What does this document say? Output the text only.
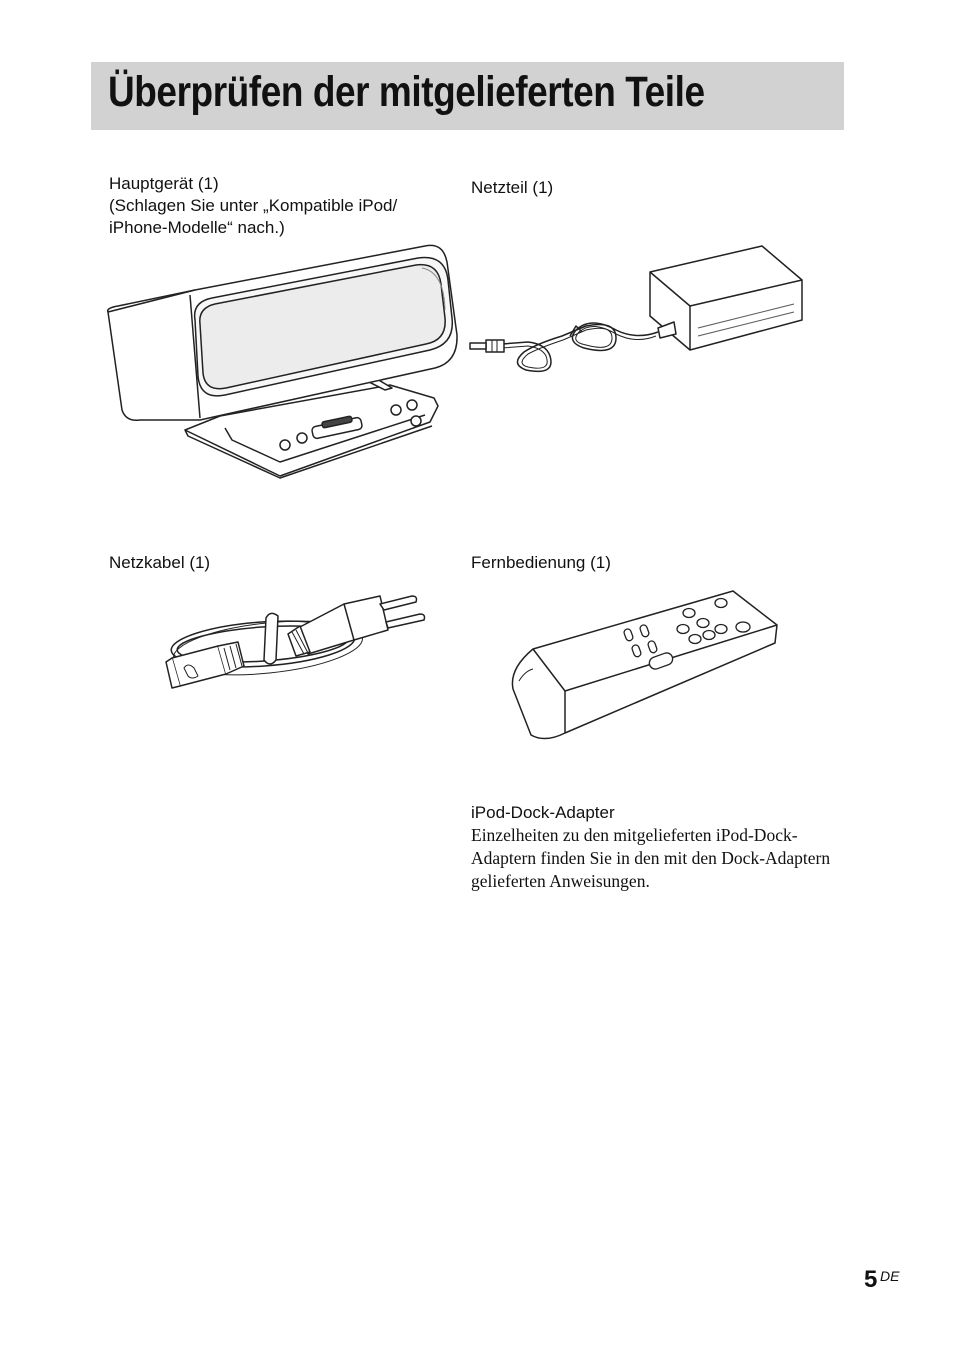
Überprüfen der mitgelieferten Teile
Hauptgerät (1)
(Schlagen Sie unter „Kompatible iPod/
iPhone-Modelle“ nach.)
Netzteil (1)
Netzkabel (1)	Fernbedienung (1)
iPod-Dock-Adapter
Einzelheiten zu den mitgelieferten iPod-Dock-
Adaptern finden Sie in den mit den Dock-Adaptern
gelieferten Anweisungen.
5 DE
